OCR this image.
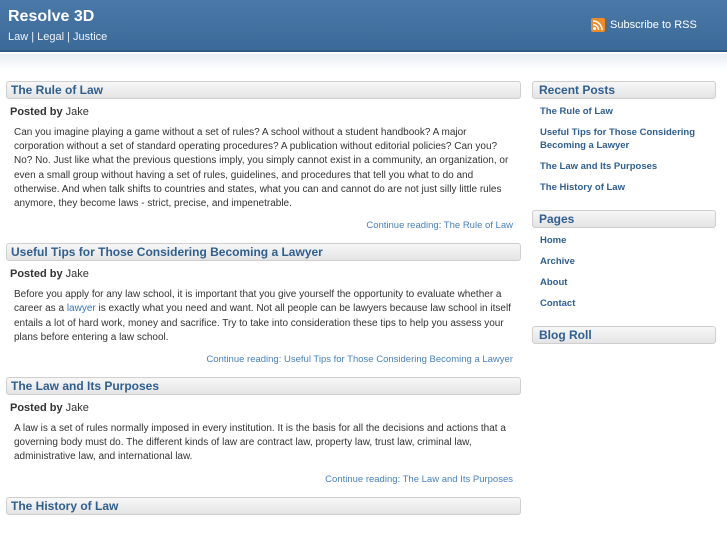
Resolve 3D
Law | Legal | Justice
Subscribe to RSS
The Rule of Law
Posted by Jake
Can you imagine playing a game without a set of rules? A school without a student handbook? A major corporation without a set of standard operating procedures? A publication without editorial policies? Can you? No? No. Just like what the previous questions imply, you simply cannot exist in a community, an organization, or even a small group without having a set of rules, guidelines, and procedures that tell you what to do and otherwise. And when talk shifts to countries and states, what you can and cannot do are not just silly little rules anymore, they become laws - strict, precise, and impenetrable.
Continue reading: The Rule of Law
Useful Tips for Those Considering Becoming a Lawyer
Posted by Jake
Before you apply for any law school, it is important that you give yourself the opportunity to evaluate whether a career as a lawyer is exactly what you need and want. Not all people can be lawyers because law school in itself entails a lot of hard work, money and sacrifice. Try to take into consideration these tips to help you assess your plans before entering a law school.
Continue reading: Useful Tips for Those Considering Becoming a Lawyer
The Law and Its Purposes
Posted by Jake
A law is a set of rules normally imposed in every institution. It is the basis for all the decisions and actions that a governing body must do. The different kinds of law are contract law, property law, trust law, criminal law, administrative law, and international law.
Continue reading: The Law and Its Purposes
The History of Law
Recent Posts
The Rule of Law
Useful Tips for Those Considering Becoming a Lawyer
The Law and Its Purposes
The History of Law
Pages
Home
Archive
About
Contact
Blog Roll
